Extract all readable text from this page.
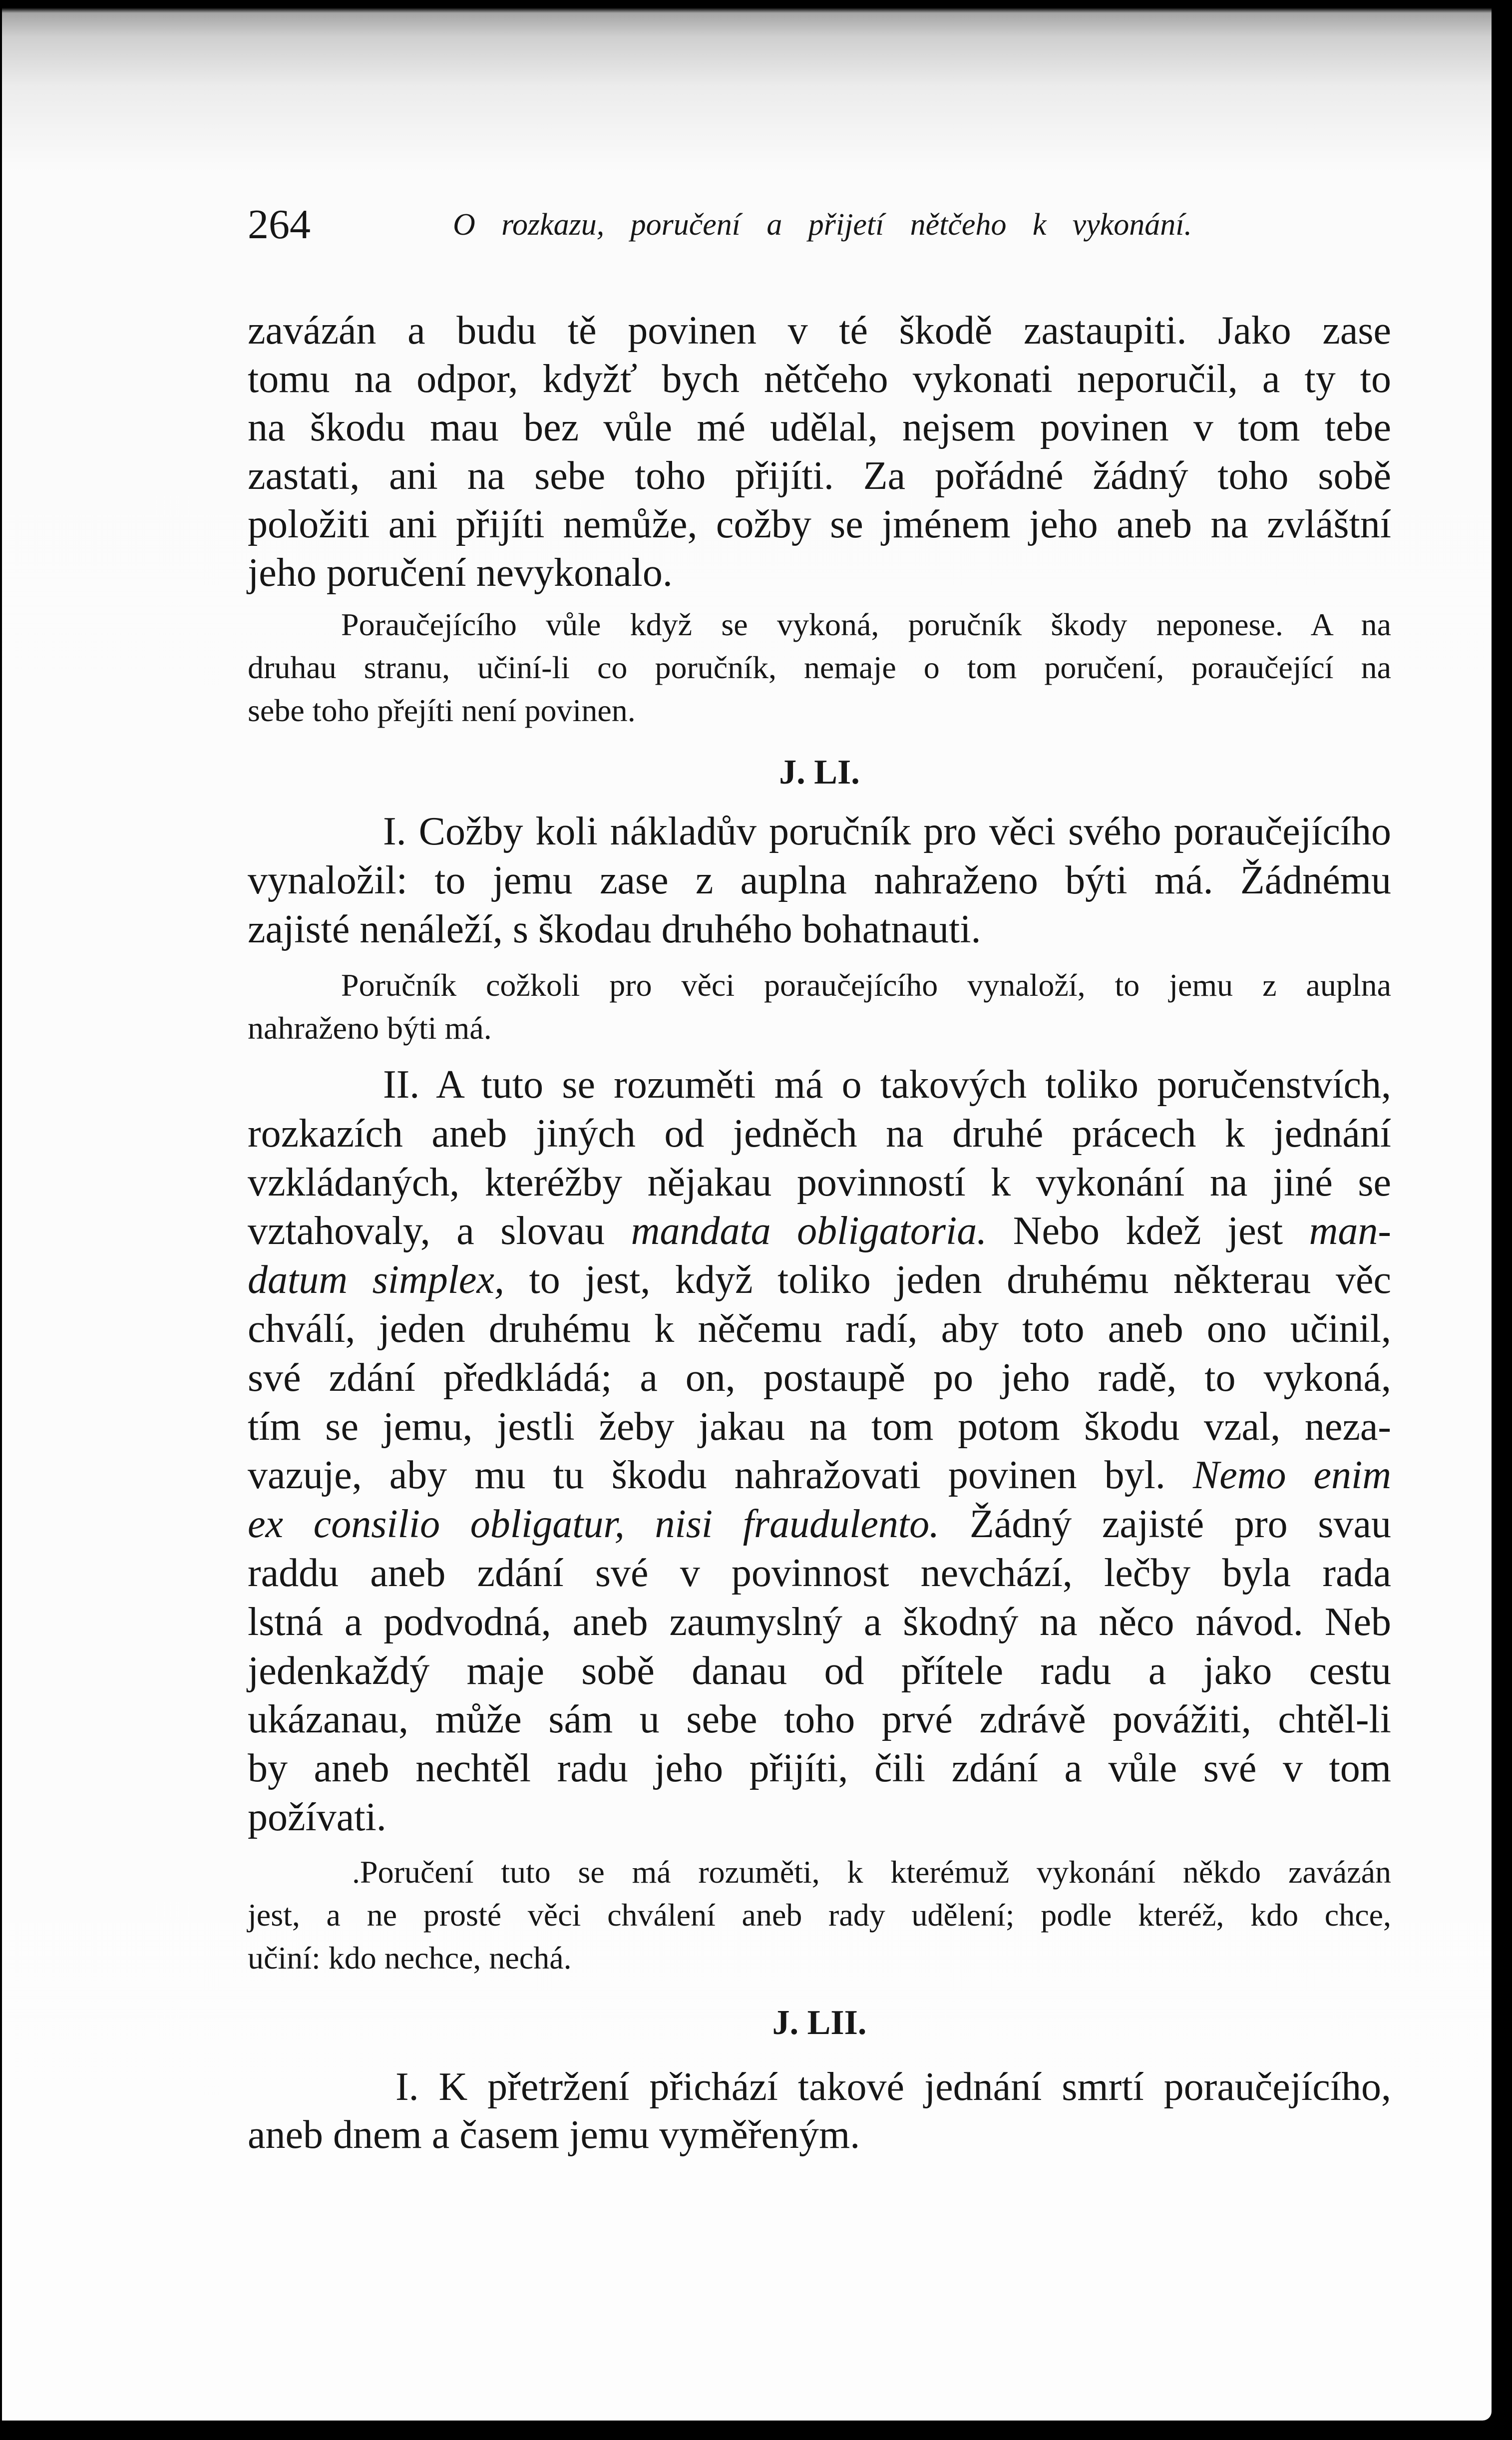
264	O rozkazu, poručení a přijetí nětčeho k vykonání.
zavázán a budu tě povinen v té škodě zastaupiti. Jako zase
tomu na odpor, kdyžť bych nětčeho vykonati neporučil, a ty to
na škodu mau bez vůle mé udělal, nejsem povinen v tom tebe
zastati, ani na sebe toho přijíti. Za pořádné žádný toho sobě
položiti ani přijíti nemůže, cožby se jménem jeho aneb na zvláštní
jeho poručení nevykonalo.
Poraučejícího vůle když se vykoná, poručník škody neponese. A na
druhau stranu, učiní-li co poručník, nemaje o tom poručení, poraučející na
sebe toho přejíti není povinen.
J. LI.
I. Cožby koli nákladův poručník pro věci svého poraučejícího
vynaložil: to jemu zase z auplna nahraženo býti má. Žádnému
zajisté nenáleží, s škodau druhého bohatnauti.
Poručník cožkoli pro věci poraučejícího vynaloží, to jemu z auplna
nahraženo býti má.
II. A tuto se rozuměti má o takových toliko poručenstvích,
rozkazích aneb jiných od jedněch na druhé prácech k jednání
vzkládaných, kteréžby nějakau povinností k vykonání na jiné se
vztahovaly, a slovau mandata obligatoria. Nebo kdež jest man-
datum simplex, to jest, když toliko jeden druhému některau věc
chválí, jeden druhému k něčemu radí, aby toto aneb ono učinil,
své zdání předkládá; a on, postaupě po jeho radě, to vykoná,
tím se jemu, jestli žeby jakau na tom potom škodu vzal, neza-
vazuje, aby mu tu škodu nahražovati povinen byl. Nemo enim
ex consilio obligatur, nisi fraudulento. Žádný zajisté pro svau
raddu aneb zdání své v povinnost nevchází, lečby byla rada
lstná a podvodná, aneb zaumyslný a škodný na něco návod. Neb
jedenkaždý maje sobě danau od přítele radu a jako cestu
ukázanau, může sám u sebe toho prvé zdrávě povážiti, chtěl-li
by aneb nechtěl radu jeho přijíti, čili zdání a vůle své v tom
požívati.
.Poručení tuto se má rozuměti, k kterémuž vykonání někdo zavázán
jest, a ne prosté věci chválení aneb rady udělení; podle kteréž, kdo chce,
učiní: kdo nechce, nechá.
J. LII.
I. K přetržení přichází takové jednání smrtí poraučejícího,
aneb dnem a časem jemu vyměřeným.
